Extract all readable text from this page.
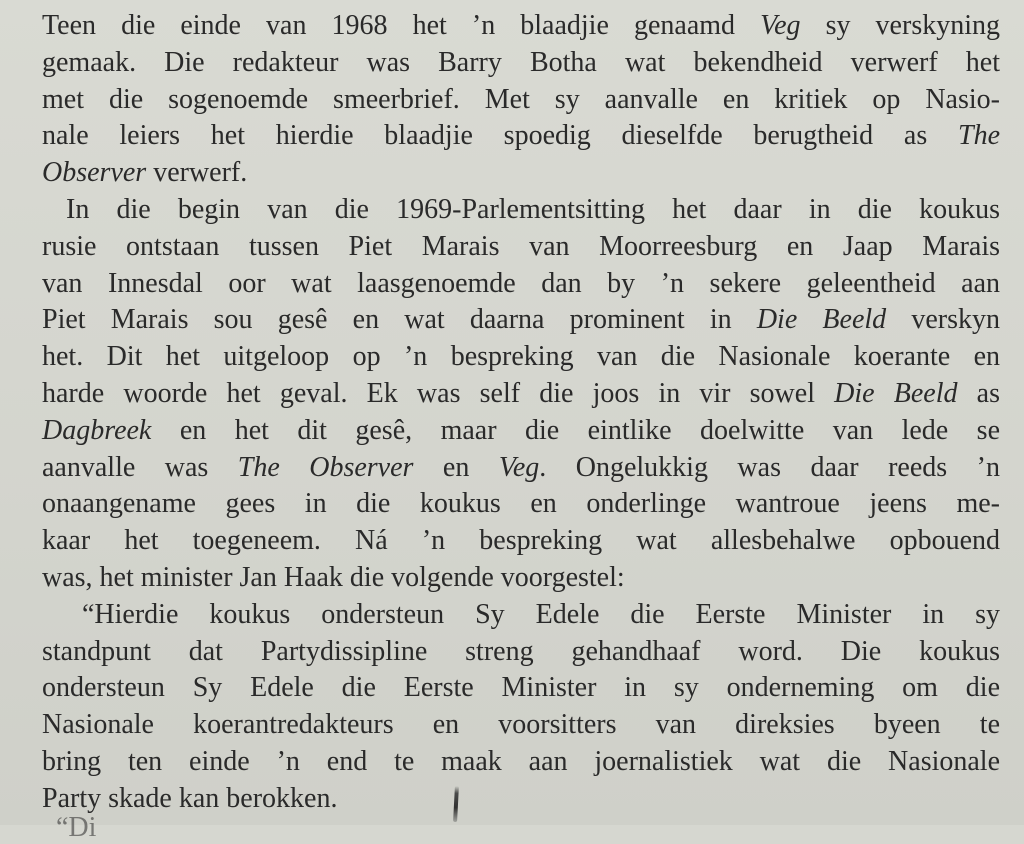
Teen die einde van 1968 het ’n blaadjie genaamd Veg sy verskyning
gemaak. Die redakteur was Barry Botha wat bekendheid verwerf het
met die sogenoemde smeerbrief. Met sy aanvalle en kritiek op Nasio-
nale leiers het hierdie blaadjie spoedig dieselfde berugtheid as The
Observer verwerf.
In die begin van die 1969-Parlementsitting het daar in die koukus
rusie ontstaan tussen Piet Marais van Moorreesburg en Jaap Marais
van Innesdal oor wat laasgenoemde dan by ’n sekere geleentheid aan
Piet Marais sou gesê en wat daarna prominent in Die Beeld verskyn
het. Dit het uitgeloop op ’n bespreking van die Nasionale koerante en
harde woorde het geval. Ek was self die joos in vir sowel Die Beeld as
Dagbreek en het dit gesê, maar die eintlike doelwitte van lede se
aanvalle was The Observer en Veg. Ongelukkig was daar reeds ’n
onaangename gees in die koukus en onderlinge wantroue jeens me-
kaar het toegeneem. Ná ’n bespreking wat allesbehalwe opbouend
was, het minister Jan Haak die volgende voorgestel:
“Hierdie koukus ondersteun Sy Edele die Eerste Minister in sy
standpunt dat Partydissipline streng gehandhaaf word. Die koukus
ondersteun Sy Edele die Eerste Minister in sy onderneming om die
Nasionale koerantredakteurs en voorsitters van direksies byeen te
bring ten einde ’n end te maak aan joernalistiek wat die Nasionale
Party skade kan berokken.
“Di
